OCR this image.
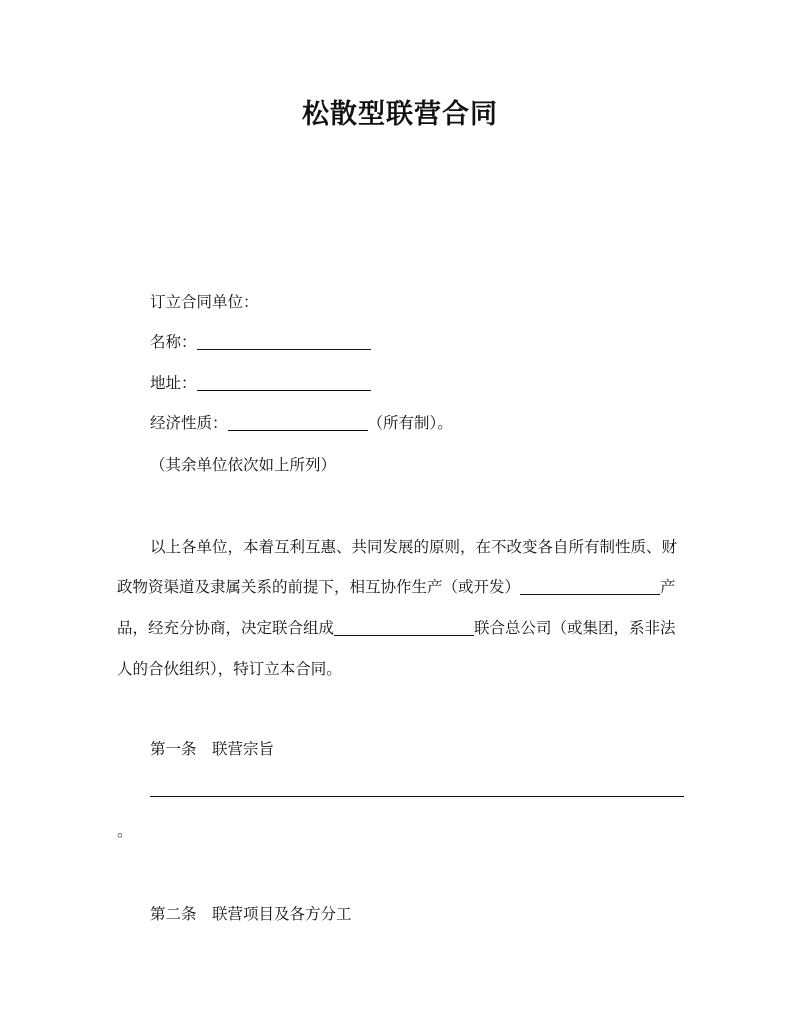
松散型联营合同
订立合同单位：
名称：
地址：
经济性质：	（所有制）。
（其余单位依次如上所列）
以上各单位，本着互利互惠、共同发展的原则，在不改变各自所有制性质、财
政物资渠道及隶属关系的前提下，相互协作生产（或开发）	产
品，经充分协商，决定联合组成	联合总公司（或集团，系非法
人的合伙组织），特订立本合同。
第一条　联营宗旨
。
第二条　联营项目及各方分工
